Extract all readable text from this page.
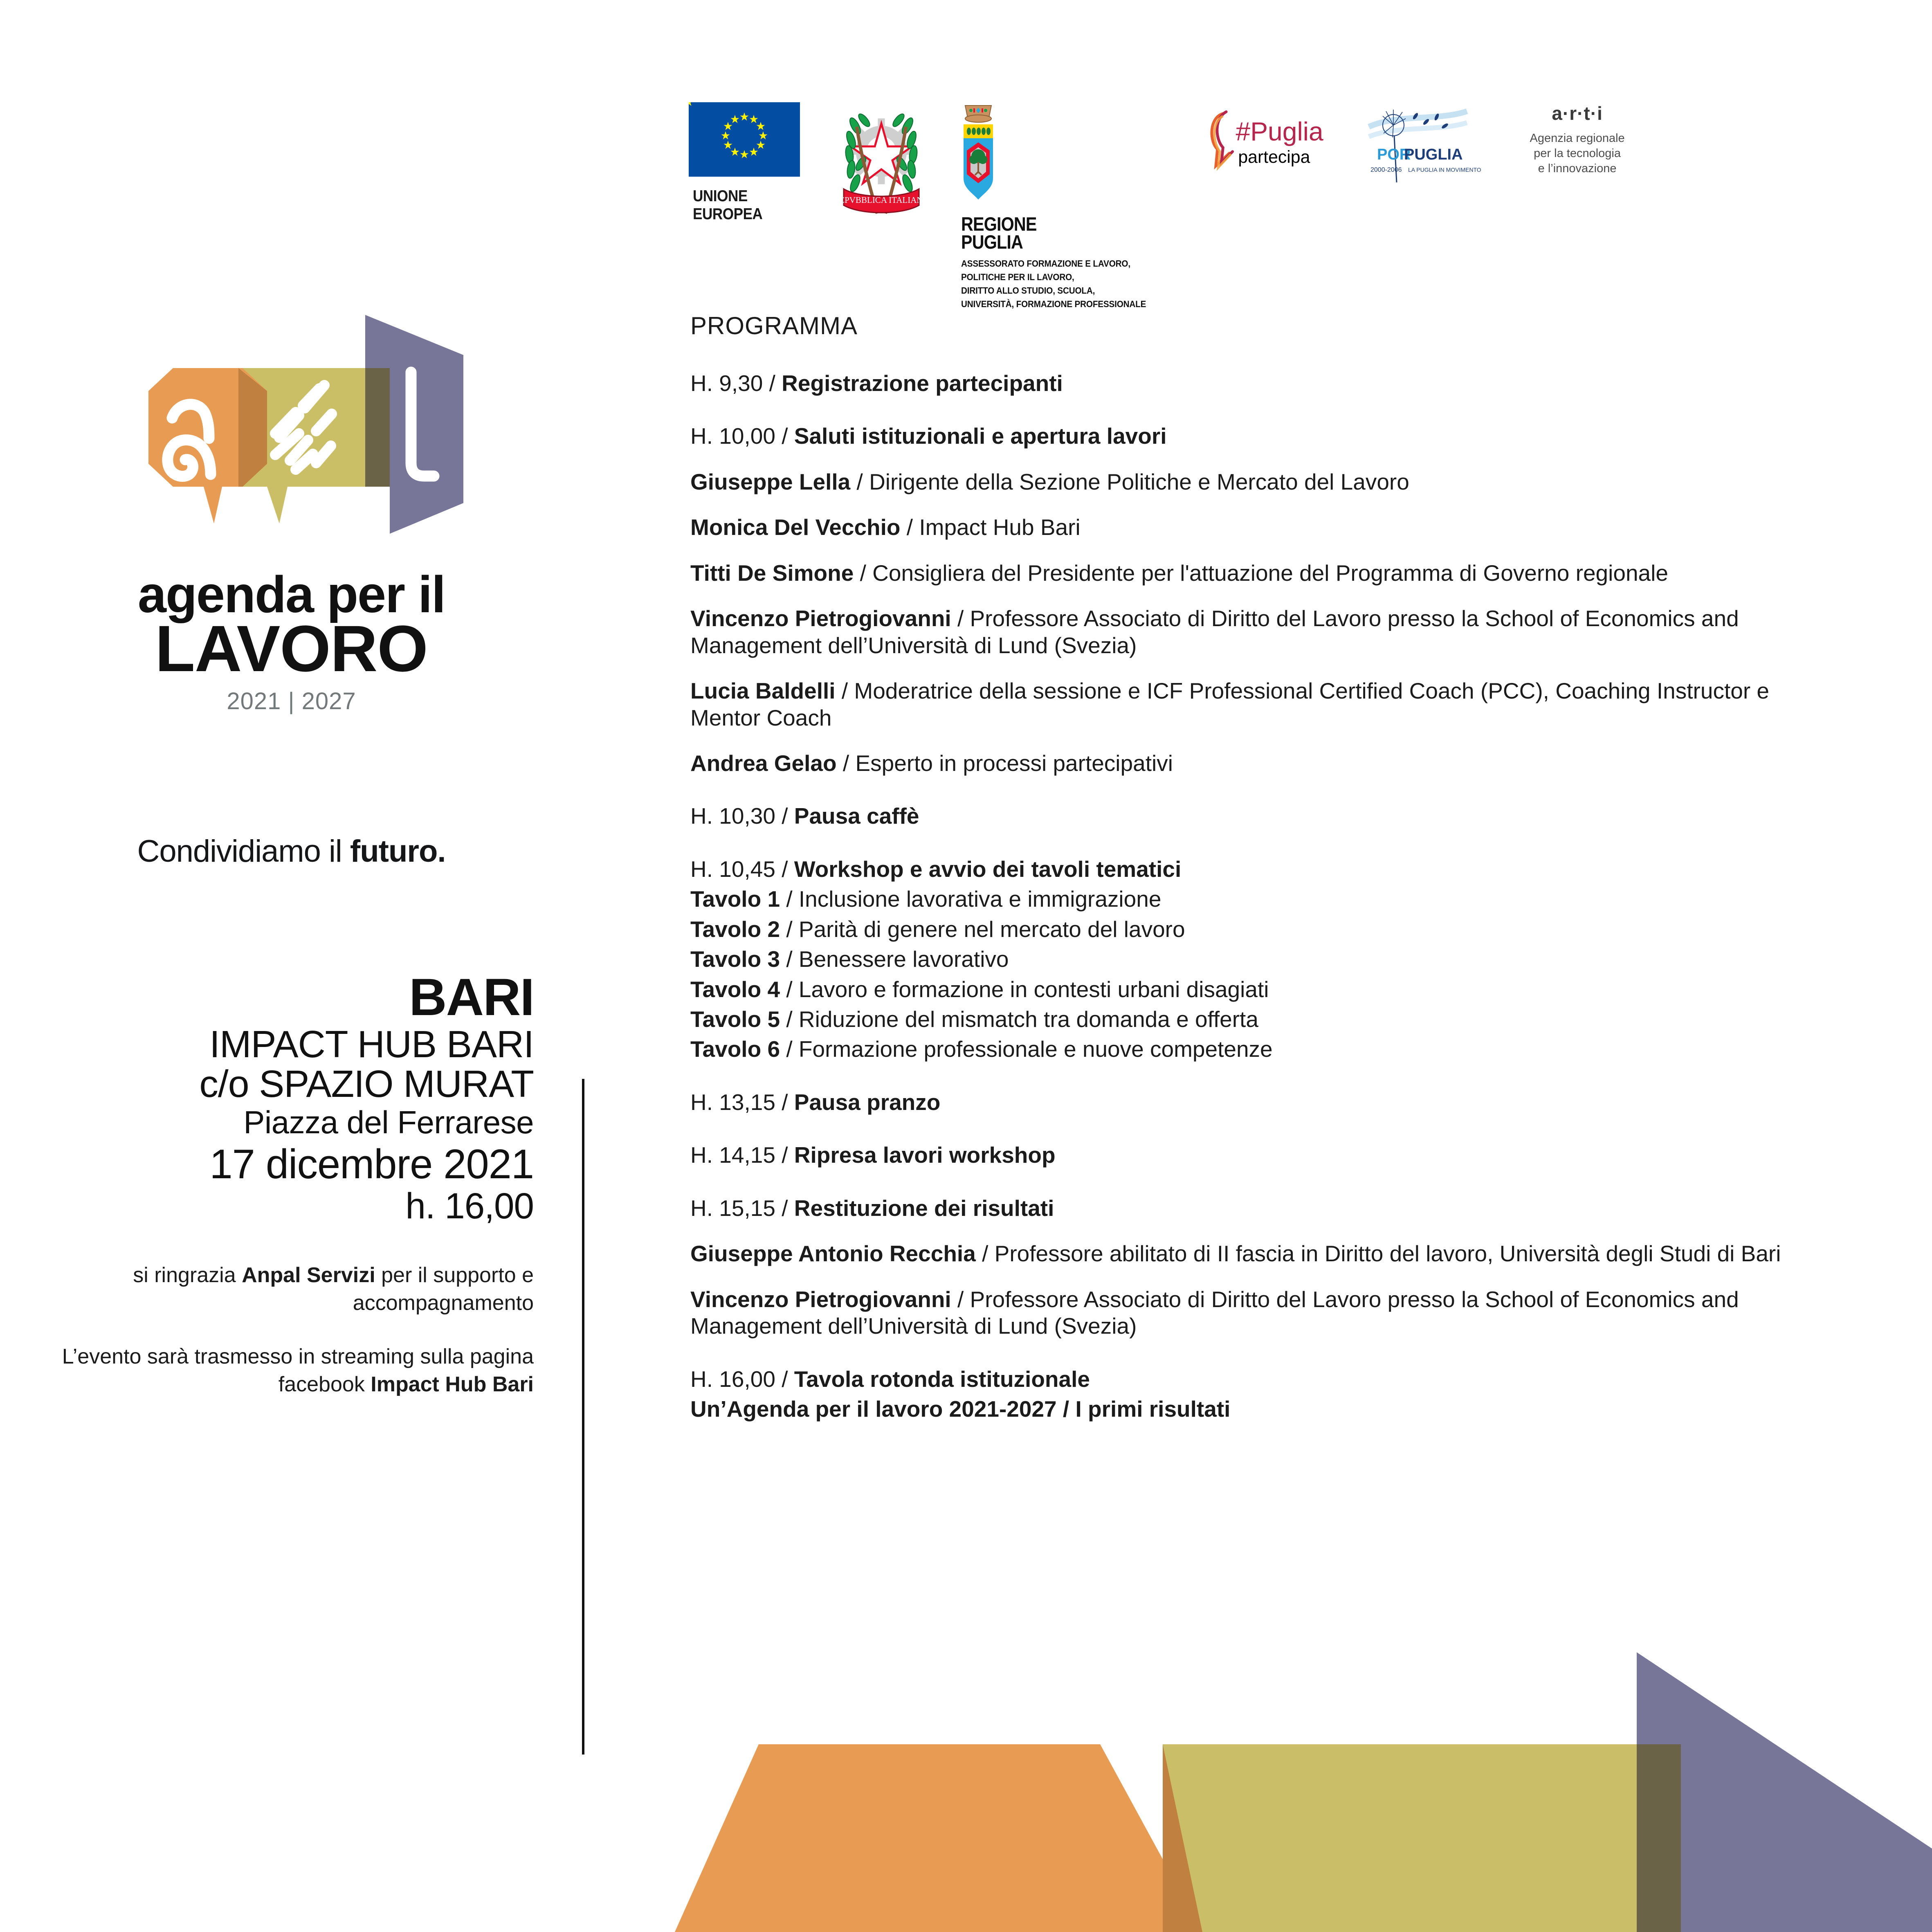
UNIONE EUROPEA
REPVBBLICA ITALIANA
REGIONE
PUGLIA
ASSESSORATO FORMAZIONE E LAVORO,
POLITICHE PER IL LAVORO,
DIRITTO ALLO STUDIO, SCUOLA,
UNIVERSITÀ, FORMAZIONE PROFESSIONALE
#Puglia
partecipa	POR
PUGLIA
2000-2006 LA PUGLIA IN MOVIMENTO
a·r·t·i
Agenzia regionale
per la tecnologia
e l’innovazione
agenda per il
LAVORO
2021 | 2027
Condividiamo il futuro.
BARI
IMPACT HUB BARI
c/o SPAZIO MURAT
Piazza del Ferrarese
17 dicembre 2021
h. 16,00
si ringrazia Anpal Servizi per il supporto e accompagnamento
L’evento sarà trasmesso in streaming sulla pagina facebook Impact Hub Bari
PROGRAMMA
H. 9,30 / Registrazione partecipanti
H. 10,00 / Saluti istituzionali e apertura lavori
Giuseppe Lella / Dirigente della Sezione Politiche e Mercato del Lavoro
Monica Del Vecchio / Impact Hub Bari
Titti De Simone / Consigliera del Presidente per l'attuazione del Programma di Governo regionale
Vincenzo Pietrogiovanni / Professore Associato di Diritto del Lavoro presso la School of Economics and Management dell’Università di Lund (Svezia)
Lucia Baldelli / Moderatrice della sessione e ICF Professional Certified Coach (PCC), Coaching Instructor e Mentor Coach
Andrea Gelao / Esperto in processi partecipativi
H. 10,30 / Pausa caffè
H. 10,45 / Workshop e avvio dei tavoli tematici
Tavolo 1 / Inclusione lavorativa e immigrazione
Tavolo 2 / Parità di genere nel mercato del lavoro
Tavolo 3 / Benessere lavorativo
Tavolo 4 / Lavoro e formazione in contesti urbani disagiati
Tavolo 5 / Riduzione del mismatch tra domanda e offerta
Tavolo 6 / Formazione professionale e nuove competenze
H. 13,15 / Pausa pranzo
H. 14,15 / Ripresa lavori workshop
H. 15,15 / Restituzione dei risultati
Giuseppe Antonio Recchia / Professore abilitato di II fascia in Diritto del lavoro, Università degli Studi di Bari
Vincenzo Pietrogiovanni / Professore Associato di Diritto del Lavoro presso la School of Economics and Management dell’Università di Lund (Svezia)
H. 16,00 / Tavola rotonda istituzionale
Un’Agenda per il lavoro 2021-2027 / I primi risultati
